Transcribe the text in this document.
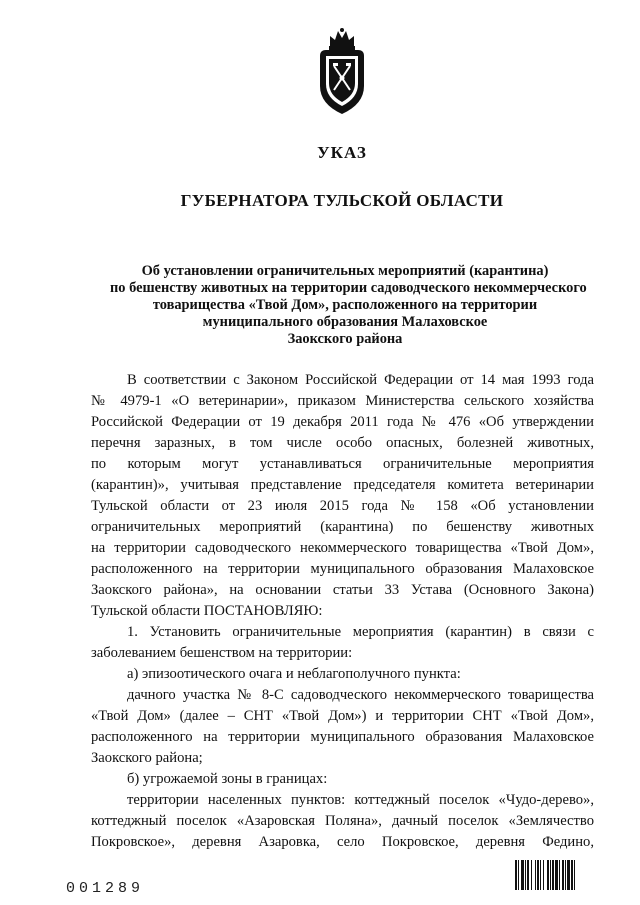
УКАЗ
ГУБЕРНАТОРА ТУЛЬСКОЙ ОБЛАСТИ
Об установлении ограничительных мероприятий (карантина)
по бешенству животных на территории садоводческого некоммерческого
товарищества «Твой Дом», расположенного на территории
муниципального образования Малаховское
Заокского района
В соответствии с Законом Российской Федерации от 14 мая 1993 года
№ 4979-1 «О ветеринарии», приказом Министерства сельского хозяйства
Российской Федерации от 19 декабря 2011 года № 476 «Об утверждении
перечня заразных, в том числе особо опасных, болезней животных,
по которым могут устанавливаться ограничительные мероприятия
(карантин)», учитывая представление председателя комитета ветеринарии
Тульской области от 23 июля 2015 года № 158 «Об установлении
ограничительных мероприятий (карантина) по бешенству животных
на территории садоводческого некоммерческого товарищества «Твой Дом»,
расположенного на территории муниципального образования Малаховское
Заокского района», на основании статьи 33 Устава (Основного Закона)
Тульской области ПОСТАНОВЛЯЮ:
1. Установить ограничительные мероприятия (карантин) в связи с
заболеванием бешенством на территории:
а) эпизоотического очага и неблагополучного пункта:
дачного участка № 8-С садоводческого некоммерческого товарищества
«Твой Дом» (далее – СНТ «Твой Дом») и территории СНТ «Твой Дом»,
расположенного на территории муниципального образования Малаховское
Заокского района;
б) угрожаемой зоны в границах:
территории населенных пунктов: коттеджный поселок «Чудо-дерево»,
коттеджный поселок «Азаровская Поляна», дачный поселок «Землячество
Покровское», деревня Азаровка, село Покровское, деревня Федино,
001289
